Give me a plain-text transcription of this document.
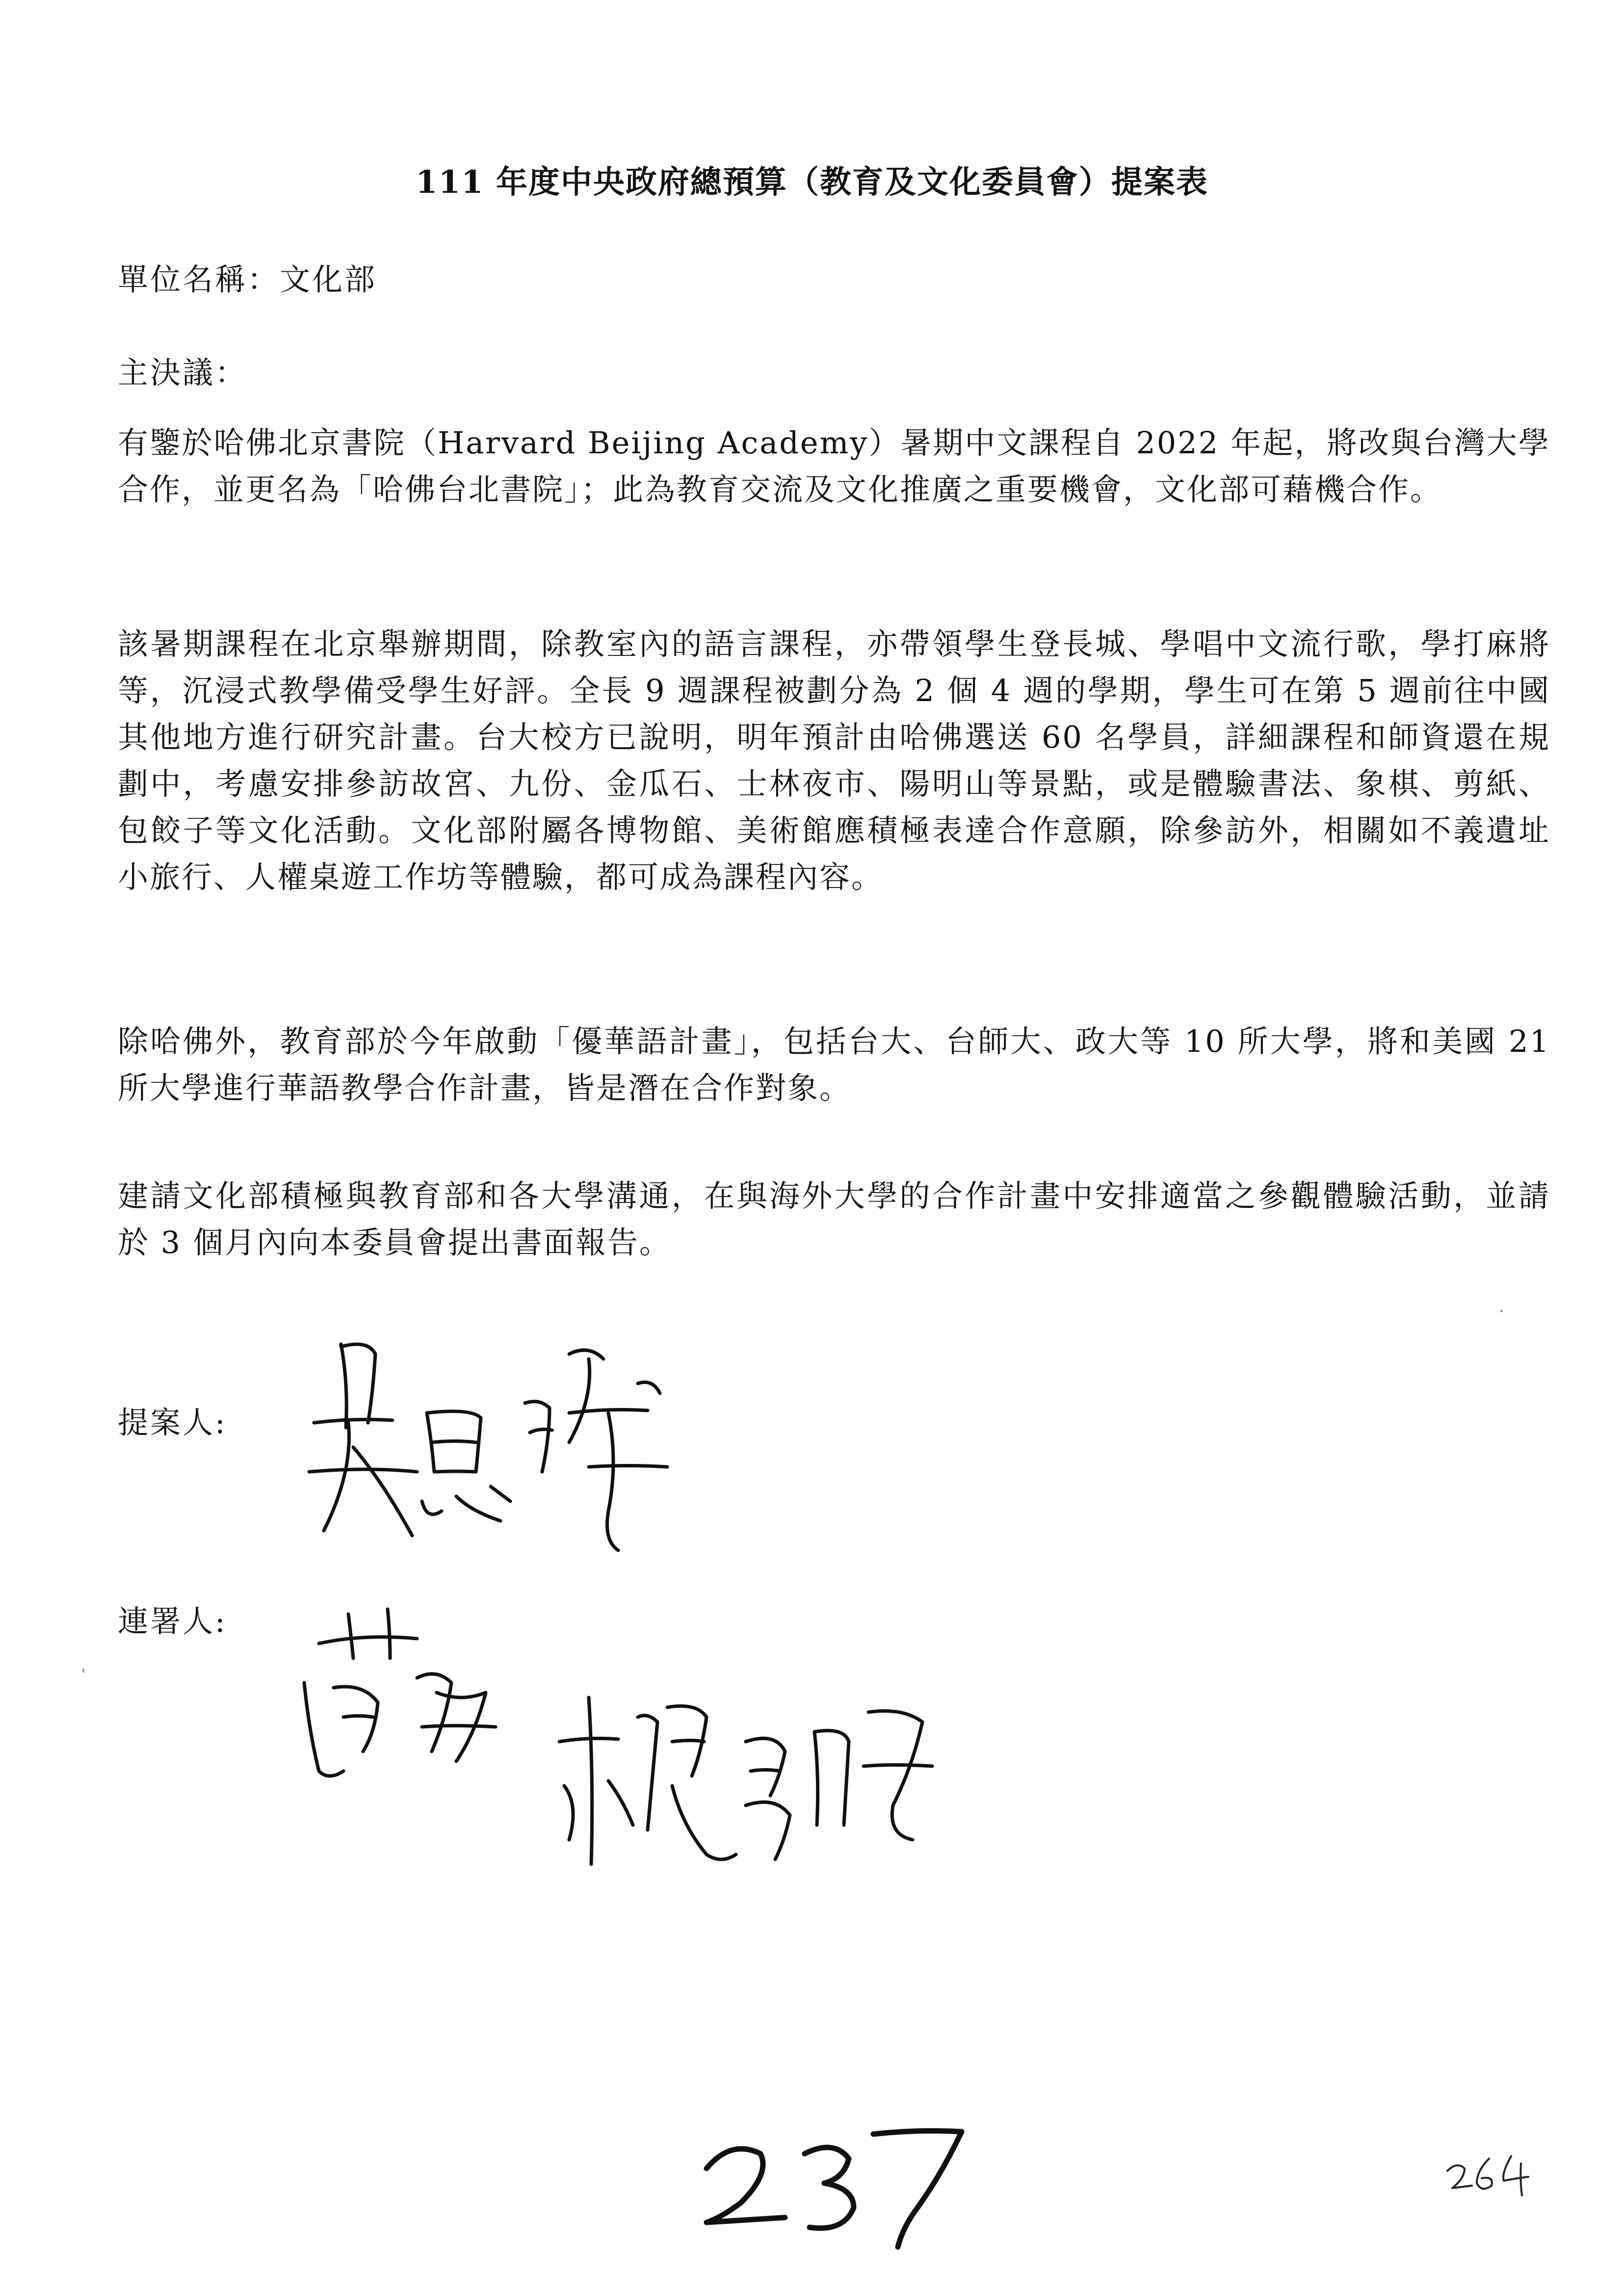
111 年度中央政府總預算（教育及文化委員會）提案表
單位名稱：文化部
主決議：
有鑒於哈佛北京書院（Harvard Beijing Academy）暑期中文課程自 2022 年起，將改與台灣大學合作，並更名為「哈佛台北書院」；此為教育交流及文化推廣之重要機會，文化部可藉機合作。
該暑期課程在北京舉辦期間，除教室內的語言課程，亦帶領學生登長城、學唱中文流行歌，學打麻將等，沉浸式教學備受學生好評。全長 9 週課程被劃分為 2 個 4 週的學期，學生可在第 5 週前往中國其他地方進行研究計畫。台大校方已說明，明年預計由哈佛選送 60 名學員，詳細課程和師資還在規劃中，考慮安排參訪故宮、九份、金瓜石、士林夜市、陽明山等景點，或是體驗書法、象棋、剪紙、包餃子等文化活動。文化部附屬各博物館、美術館應積極表達合作意願，除參訪外，相關如不義遺址小旅行、人權桌遊工作坊等體驗，都可成為課程內容。
除哈佛外，教育部於今年啟動「優華語計畫」，包括台大、台師大、政大等 10 所大學，將和美國 21 所大學進行華語教學合作計畫，皆是潛在合作對象。
建請文化部積極與教育部和各大學溝通，在與海外大學的合作計畫中安排適當之參觀體驗活動，並請於 3 個月內向本委員會提出書面報告。
提案人:
連署人:
